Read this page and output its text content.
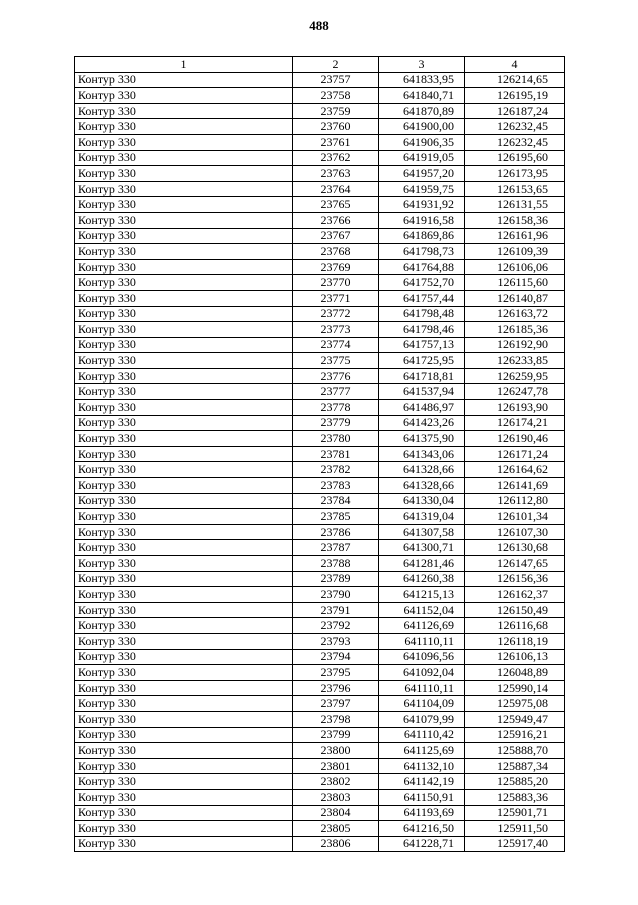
488
1	2	3	4
Контур 330	23757	641833,95	126214,65
Контур 330	23758	641840,71	126195,19
Контур 330	23759	641870,89	126187,24
Контур 330	23760	641900,00	126232,45
Контур 330	23761	641906,35	126232,45
Контур 330	23762	641919,05	126195,60
Контур 330	23763	641957,20	126173,95
Контур 330	23764	641959,75	126153,65
Контур 330	23765	641931,92	126131,55
Контур 330	23766	641916,58	126158,36
Контур 330	23767	641869,86	126161,96
Контур 330	23768	641798,73	126109,39
Контур 330	23769	641764,88	126106,06
Контур 330	23770	641752,70	126115,60
Контур 330	23771	641757,44	126140,87
Контур 330	23772	641798,48	126163,72
Контур 330	23773	641798,46	126185,36
Контур 330	23774	641757,13	126192,90
Контур 330	23775	641725,95	126233,85
Контур 330	23776	641718,81	126259,95
Контур 330	23777	641537,94	126247,78
Контур 330	23778	641486,97	126193,90
Контур 330	23779	641423,26	126174,21
Контур 330	23780	641375,90	126190,46
Контур 330	23781	641343,06	126171,24
Контур 330	23782	641328,66	126164,62
Контур 330	23783	641328,66	126141,69
Контур 330	23784	641330,04	126112,80
Контур 330	23785	641319,04	126101,34
Контур 330	23786	641307,58	126107,30
Контур 330	23787	641300,71	126130,68
Контур 330	23788	641281,46	126147,65
Контур 330	23789	641260,38	126156,36
Контур 330	23790	641215,13	126162,37
Контур 330	23791	641152,04	126150,49
Контур 330	23792	641126,69	126116,68
Контур 330	23793	641110,11	126118,19
Контур 330	23794	641096,56	126106,13
Контур 330	23795	641092,04	126048,89
Контур 330	23796	641110,11	125990,14
Контур 330	23797	641104,09	125975,08
Контур 330	23798	641079,99	125949,47
Контур 330	23799	641110,42	125916,21
Контур 330	23800	641125,69	125888,70
Контур 330	23801	641132,10	125887,34
Контур 330	23802	641142,19	125885,20
Контур 330	23803	641150,91	125883,36
Контур 330	23804	641193,69	125901,71
Контур 330	23805	641216,50	125911,50
Контур 330	23806	641228,71	125917,40
